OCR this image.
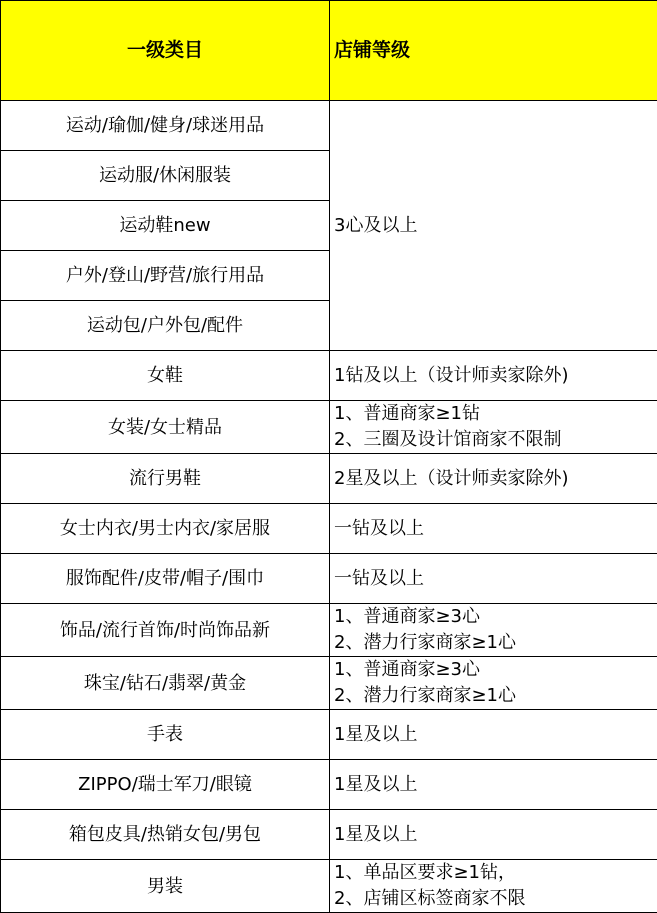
一级类目	店铺等级
运动/瑜伽/健身/球迷用品	3心及以上

运动服/休闲服装	
运动鞋new	
户外/登山/野营/旅行用品	
运动包/户外包/配件	
女鞋	1钻及以上（设计师卖家除外)

女装/女士精品	1、普通商家≥1钻
2、三圈及设计馆商家不限制

流行男鞋	2星及以上（设计师卖家除外)

女士内衣/男士内衣/家居服	一钻及以上

服饰配件/皮带/帽子/围巾	一钻及以上

饰品/流行首饰/时尚饰品新	1、普通商家≥3心
2、潜力行家商家≥1心

珠宝/钻石/翡翠/黄金	1、普通商家≥3心
2、潜力行家商家≥1心

手表	1星及以上

ZIPPO/瑞士军刀/眼镜	1星及以上

箱包皮具/热销女包/男包	1星及以上

男装	1、单品区要求≥1钻，
2、店铺区标签商家不限
